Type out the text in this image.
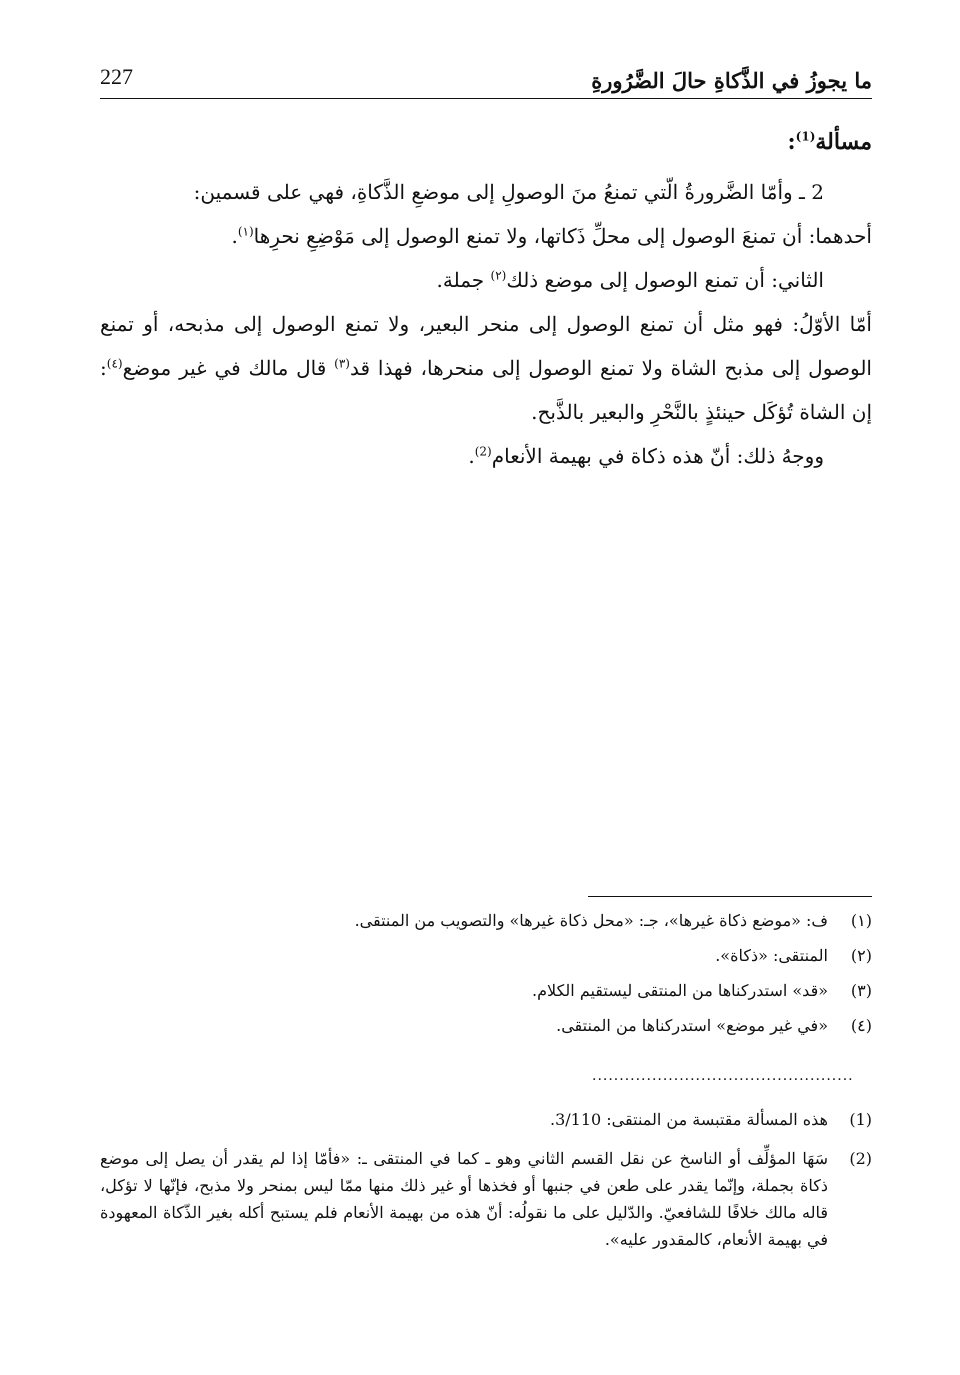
ما يجوزُ في الذَّكاةِ حالَ الضَّرُورةِ
227

مسألة$^{(1)}$:

2 ـ وأمّا الضَّرورةُ الّتي تمنعُ منَ الوصولِ إلى موضعِ الذَّكاةِ، فهي على قسمين:

أحدهما: أن تمنعَ الوصول إلى محلِّ ذَكاتها، ولا تمنع الوصول إلى مَوْضِعِ نحرِها$^{(١)}$.

الثاني: أن تمنع الوصول إلى موضع ذلك$^{(٢)}$ جملة.

أمّا الأوّلُ: فهو مثل أن تمنع الوصول إلى منحر البعير، ولا تمنع الوصول إلى مذبحه، أو تمنع الوصول إلى مذبح الشاة ولا تمنع الوصول إلى منحرها، فهذا قد$^{(٣)}$ قال مالك في غير موضع$^{(٤)}$: إن الشاة تُؤكَل حينئذٍ بالنَّحْرِ والبعير بالذَّبح.

ووجهُ ذلك: أنّ هذه ذكاة في بهيمة الأنعام$^{(2)}$.

(١)
ف: «موضع ذكاة غيرها»، جـ: «محل ذكاة غيرها» والتصويب من المنتقى.
(٢)
المنتقى: «ذكاة».
(٣)
«قد» استدركناها من المنتقى ليستقيم الكلام.
(٤)
«في غير موضع» استدركناها من المنتقى.
................................................
(1)
هذه المسألة مقتبسة من المنتقى: 3/110.
(2)
سَهَا المؤلِّف أو الناسخ عن نقل القسم الثاني وهو ـ كما في المنتقى ـ: «فأمّا إذا لم يقدر أن يصل إلى موضع ذكاة بجملة، وإنّما يقدر على طعن في جنبها أو فخذها أو غير ذلك منها ممّا ليس بمنحر ولا مذبح، فإنّها لا تؤكل، قاله مالك خلافًا للشافعيّ. والدّليل على ما نقولُه: أنّ هذه من بهيمة الأنعام فلم يستبح أكله بغير الذّكاة المعهودة في بهيمة الأنعام، كالمقدور عليه».
